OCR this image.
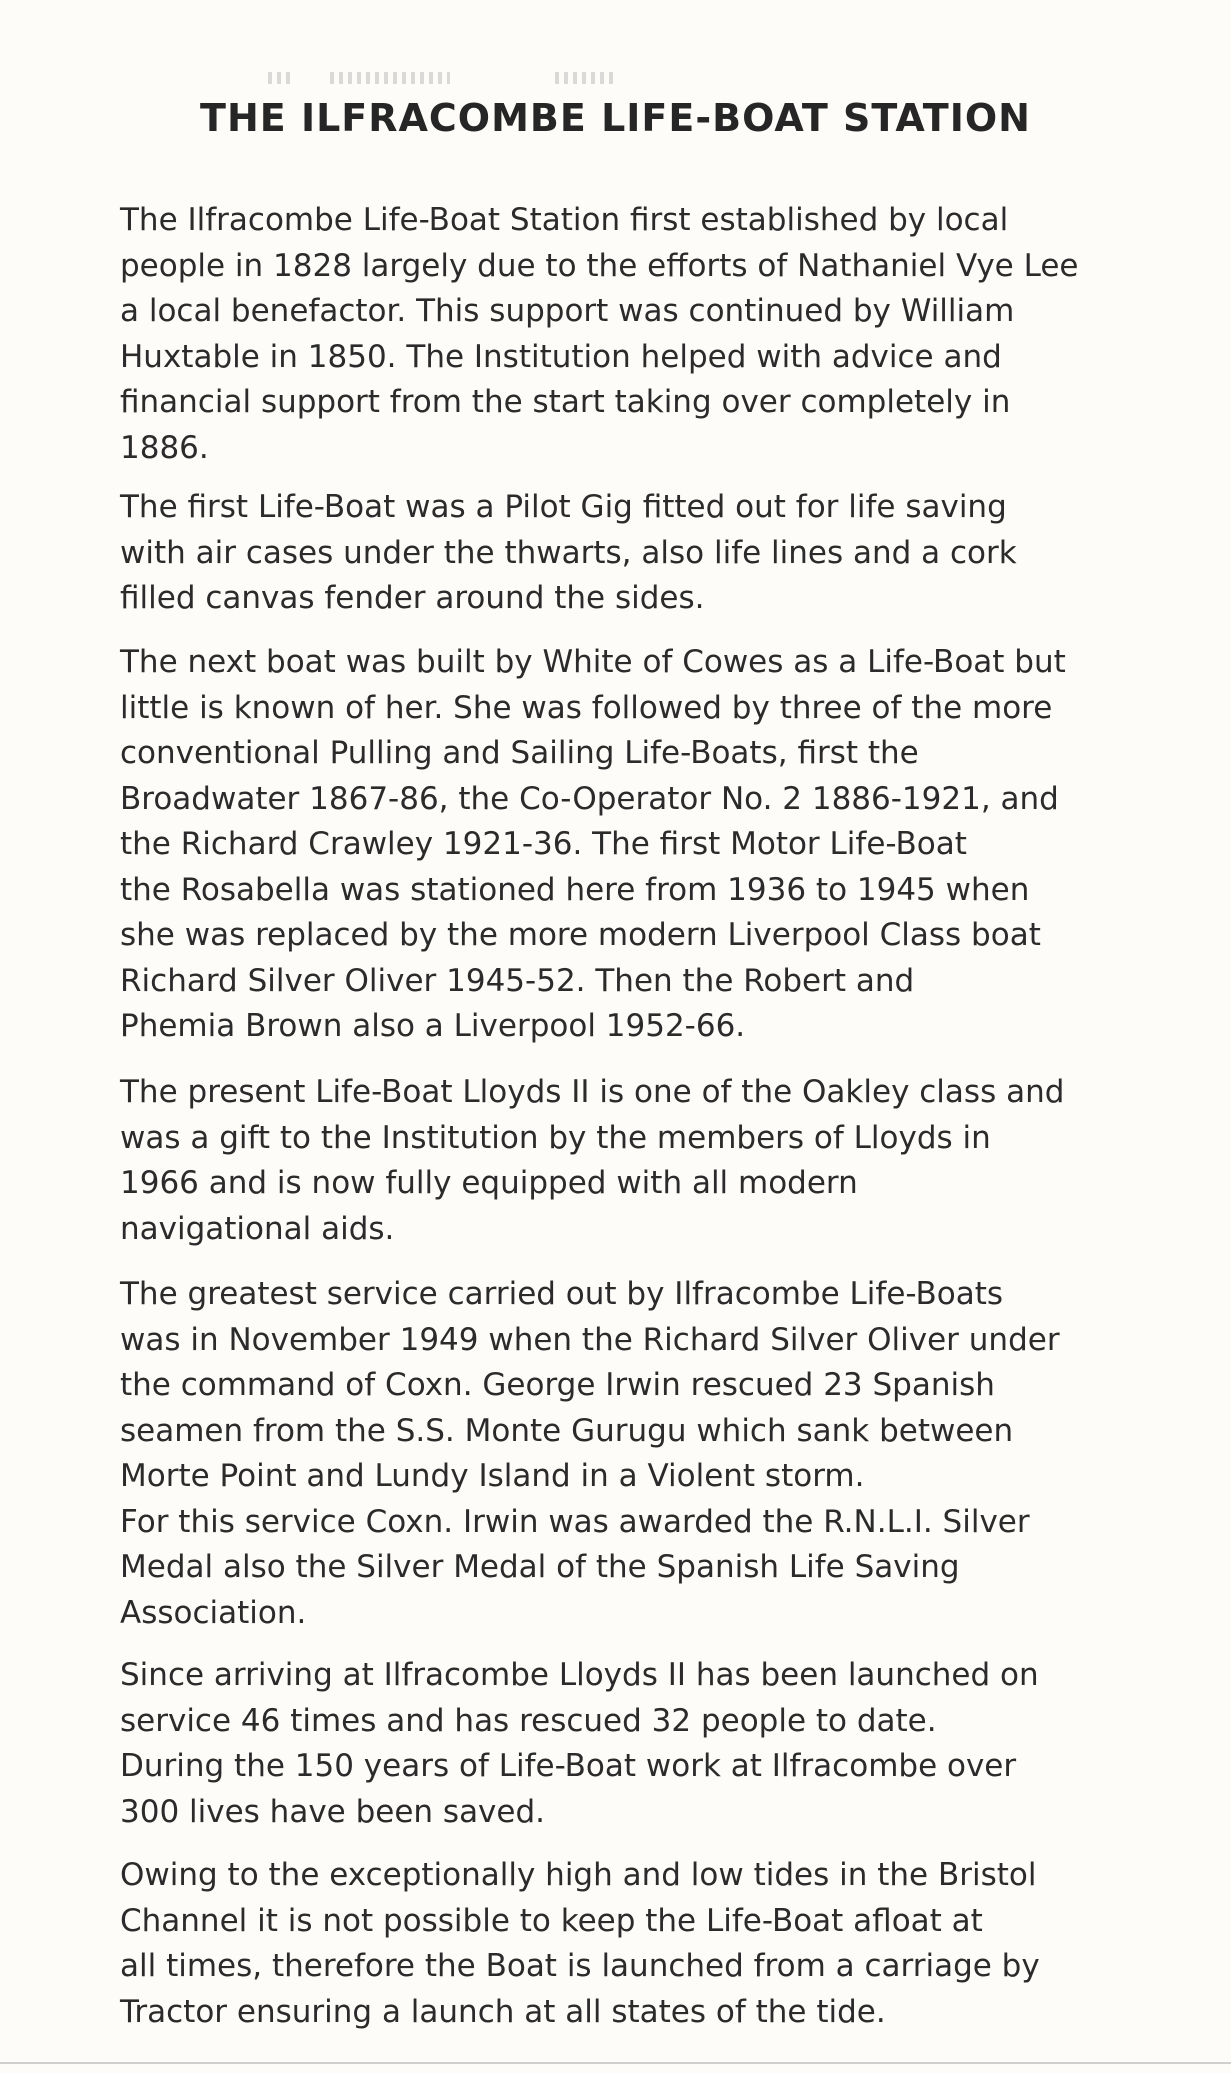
THE ILFRACOMBE LIFE-BOAT STATION

The Ilfracombe Life-Boat Station first established by local
people in 1828 largely due to the efforts of Nathaniel Vye Lee
a local benefactor. This support was continued by William
Huxtable in 1850. The Institution helped with advice and
financial support from the start taking over completely in
1886.

The first Life-Boat was a Pilot Gig fitted out for life saving
with air cases under the thwarts, also life lines and a cork
filled canvas fender around the sides.

The next boat was built by White of Cowes as a Life-Boat but
little is known of her. She was followed by three of the more
conventional Pulling and Sailing Life-Boats, first the
Broadwater 1867-86, the Co-Operator No. 2 1886-1921, and
the Richard Crawley 1921-36. The first Motor Life-Boat
the Rosabella was stationed here from 1936 to 1945 when
she was replaced by the more modern Liverpool Class boat
Richard Silver Oliver 1945-52. Then the Robert and
Phemia Brown also a Liverpool 1952-66.

The present Life-Boat Lloyds II is one of the Oakley class and
was a gift to the Institution by the members of Lloyds in
1966 and is now fully equipped with all modern
navigational aids.

The greatest service carried out by Ilfracombe Life-Boats
was in November 1949 when the Richard Silver Oliver under
the command of Coxn. George Irwin rescued 23 Spanish
seamen from the S.S. Monte Gurugu which sank between
Morte Point and Lundy Island in a Violent storm.
For this service Coxn. Irwin was awarded the R.N.L.I. Silver
Medal also the Silver Medal of the Spanish Life Saving
Association.

Since arriving at Ilfracombe Lloyds II has been launched on
service 46 times and has rescued 32 people to date.
During the 150 years of Life-Boat work at Ilfracombe over
300 lives have been saved.

Owing to the exceptionally high and low tides in the Bristol
Channel it is not possible to keep the Life-Boat afloat at
all times, therefore the Boat is launched from a carriage by
Tractor ensuring a launch at all states of the tide.
